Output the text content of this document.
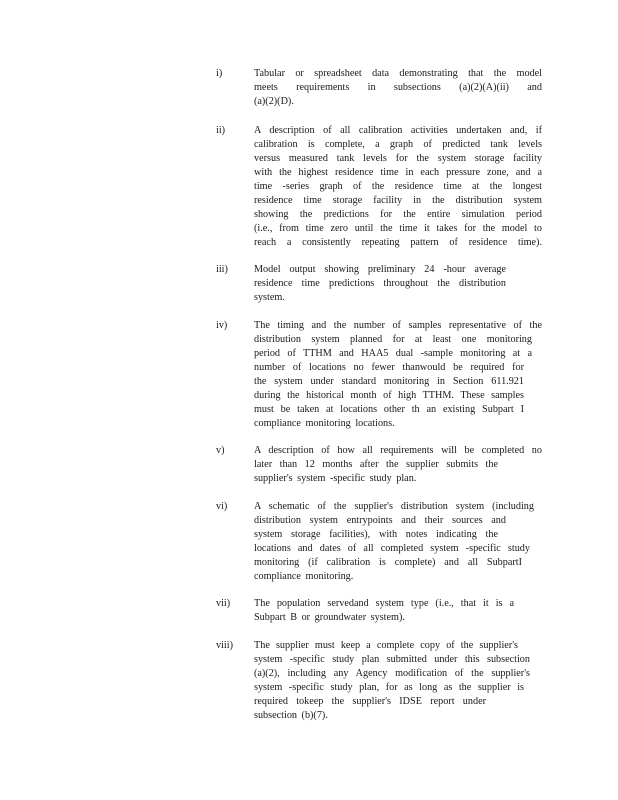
i)	Tabular or spreadsheet data demonstrating that the model
meets requirements in subsections (a)(2)(A)(ii) and
(a)(2)(D).
ii)	A description of all calibration activities undertaken and, if
calibration is complete, a graph of predicted tank levels
versus measured tank levels for the system storage facility
with the highest residence time in each pressure zone, and a
time -series graph of the residence time at the longest
residence time storage facility in the distribution system
showing the predictions for the entire simulation period
(i.e., from time zero until the time it takes for the model to
reach a consistently repeating pattern of residence time).
iii)	Model output showing preliminary 24 -hour average
residence time predictions throughout the distribution
system.
iv)	The timing and the number of samples representative of the
distribution system planned for at least one monitoring
period of TTHM and HAA5 dual -sample monitoring at a
number of locations no fewer thanwould be required for
the system under standard monitoring in Section 611.921
during the historical month of high TTHM. These samples
must be taken at locations other th an existing Subpart I
compliance monitoring locations.
v)	A description of how all requirements will be completed no
later than 12 months after the supplier submits the
supplier's system -specific study plan.
vi)	A schematic of the supplier's distribution system (including
distribution system entrypoints and their sources and
system storage facilities), with notes indicating the
locations and dates of all completed system -specific study
monitoring (if calibration is complete) and all SubpartI
compliance monitoring.
vii) The population servedand system type (i.e., that it is a
Subpart B or groundwater system).
viii) The supplier must keep a complete copy of the supplier's
system -specific study plan submitted under this subsection
(a)(2), including any Agency modification of the supplier's
system -specific study plan, for as long as the supplier is
required tokeep the supplier's IDSE report under
subsection (b)(7).
